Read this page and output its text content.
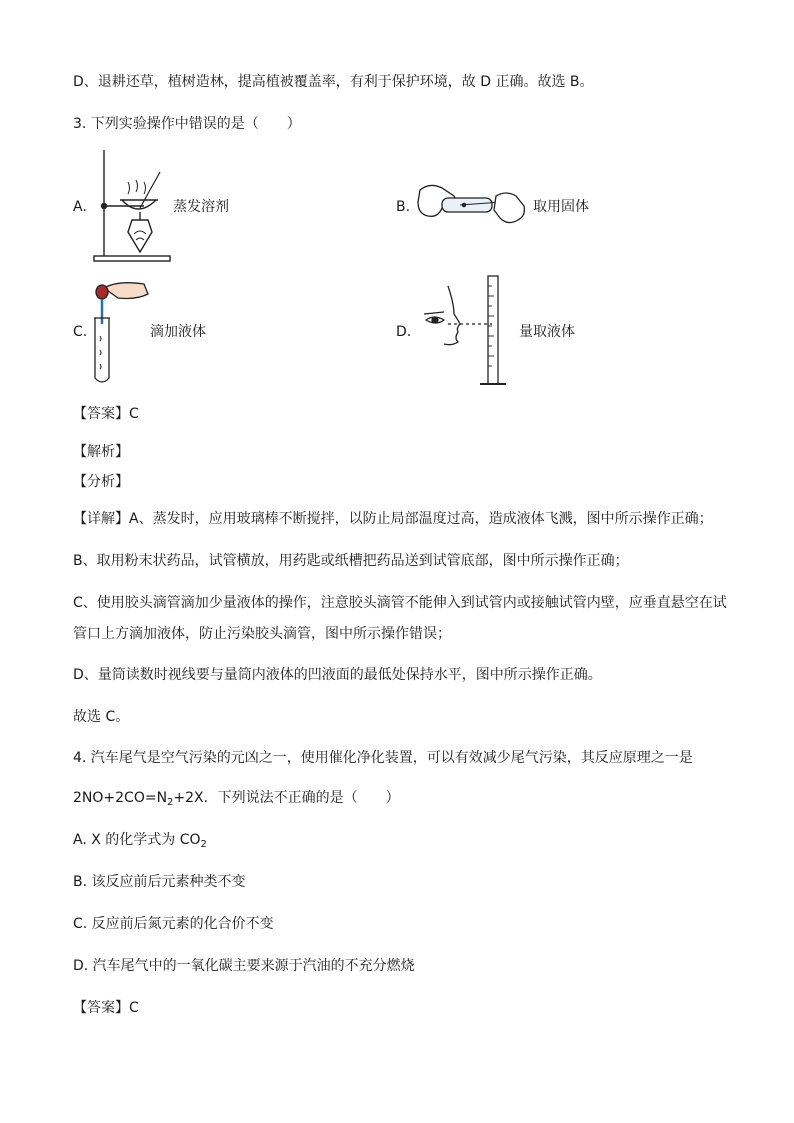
D、退耕还草，植树造林，提高植被覆盖率，有利于保护环境，故 D 正确。故选 B。
3. 下列实验操作中错误的是（　　）
A.	蒸发溶剂	B.	取用固体
C.	滴加液体	D.	量取液体
【答案】C
【解析】
【分析】
【详解】A、蒸发时，应用玻璃棒不断搅拌，以防止局部温度过高，造成液体飞溅，图中所示操作正确；
B、取用粉末状药品，试管横放，用药匙或纸槽把药品送到试管底部，图中所示操作正确；
C、使用胶头滴管滴加少量液体的操作，注意胶头滴管不能伸入到试管内或接触试管内壁，应垂直悬空在试
管口上方滴加液体，防止污染胶头滴管，图中所示操作错误；
D、量筒读数时视线要与量筒内液体的凹液面的最低处保持水平，图中所示操作正确。
故选 C。
4. 汽车尾气是空气污染的元凶之一，使用催化净化装置，可以有效减少尾气污染，其反应原理之一是
$2NO+2CO=N_2+2X$．下列说法不正确的是（　　）
A. X 的化学式为 $CO_2$
B. 该反应前后元素种类不变
C. 反应前后氮元素的化合价不变
D. 汽车尾气中的一氧化碳主要来源于汽油的不充分燃烧
【答案】C
